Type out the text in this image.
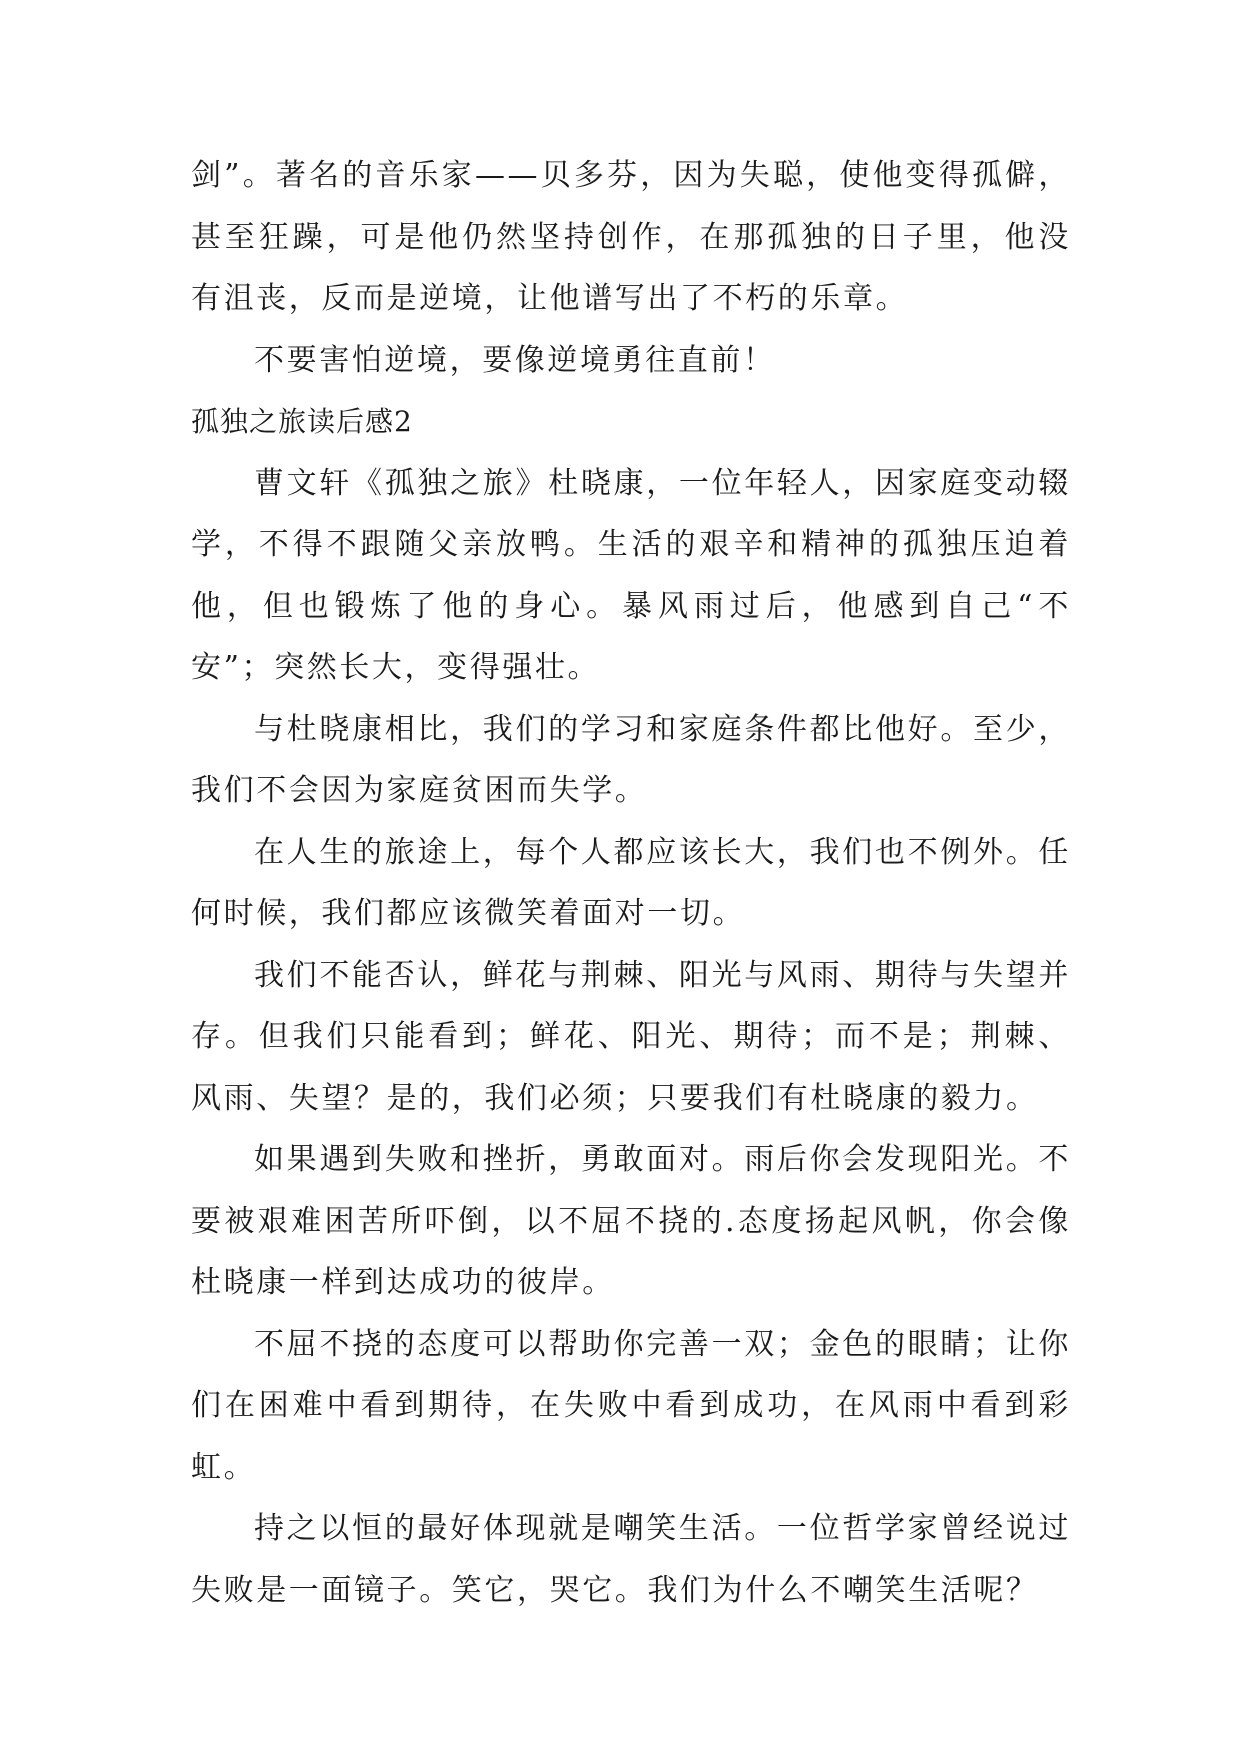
剑”。著名的音乐家——贝多芬，因为失聪，使他变得孤僻，甚至狂躁，可是他仍然坚持创作，在那孤独的日子里，他没有沮丧，反而是逆境，让他谱写出了不朽的乐章。

不要害怕逆境，要像逆境勇往直前！

孤独之旅读后感2

曹文轩《孤独之旅》杜晓康，一位年轻人，因家庭变动辍学，不得不跟随父亲放鸭。生活的艰辛和精神的孤独压迫着他，但也锻炼了他的身心。暴风雨过后，他感到自己“不安”；突然长大，变得强壮。

与杜晓康相比，我们的学习和家庭条件都比他好。至少，我们不会因为家庭贫困而失学。

在人生的旅途上，每个人都应该长大，我们也不例外。任何时候，我们都应该微笑着面对一切。

我们不能否认，鲜花与荆棘、阳光与风雨、期待与失望并存。但我们只能看到；鲜花、阳光、期待；而不是；荆棘、风雨、失望？是的，我们必须；只要我们有杜晓康的毅力。

如果遇到失败和挫折，勇敢面对。雨后你会发现阳光。不要被艰难困苦所吓倒，以不屈不挠的.态度扬起风帆，你会像杜晓康一样到达成功的彼岸。

不屈不挠的态度可以帮助你完善一双；金色的眼睛；让你们在困难中看到期待，在失败中看到成功，在风雨中看到彩虹。

持之以恒的最好体现就是嘲笑生活。一位哲学家曾经说过失败是一面镜子。笑它，哭它。我们为什么不嘲笑生活呢？
